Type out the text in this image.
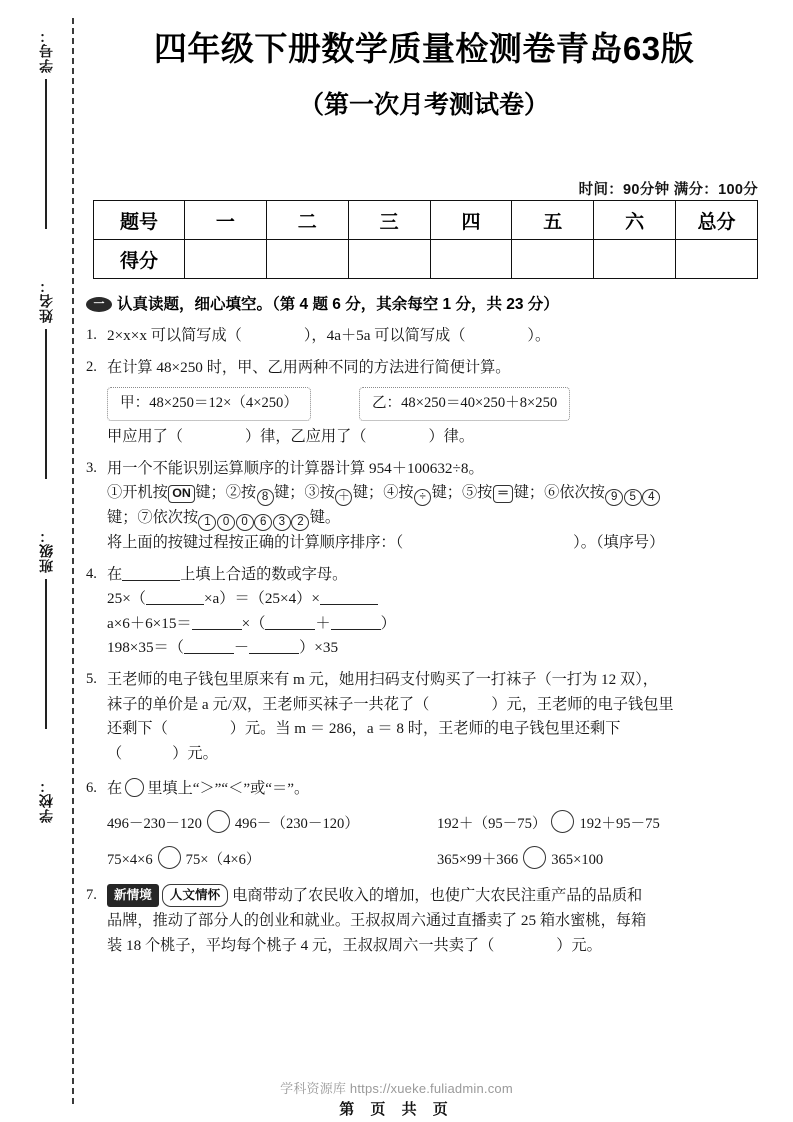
学号：
姓名：
班级：
学校：
四年级下册数学质量检测卷青岛63版
（第一次月考测试卷）
时间：90分钟 满分：100分
题号	一	二	三	四	五	六	总分
得分							
一 认真读题，细心填空。（第 4 题 6 分，其余每空 1 分，共 23 分）
1. 2×x×x 可以简写成（	），4a＋5a 可以简写成（	）。
2. 在计算 48×250 时，甲、乙用两种不同的方法进行简便计算。
甲：48×250＝12×（4×250）	乙：48×250＝40×250＋8×250
甲应用了（	）律，乙应用了（	）律。
3. 用一个不能识别运算顺序的计算器计算 954＋100632÷8。
①开机按 ON 键；②按 8 键；③按 ＋ 键；④按 ÷ 键；⑤按 ＝ 键；⑥依次按 9 5 4
键；⑦依次按 1 0 0 6 3 2 键。
将上面的按键过程按正确的计算顺序排序：（	）。（填序号）
4. 在	上填上合适的数或字母。
25×（	×a）＝（25×4）×
a×6＋6×15＝	×（	＋	）
198×35＝（	－	）×35
5. 王老师的电子钱包里原来有 m 元，她用扫码支付购买了一打袜子（一打为 12 双），
袜子的单价是 a 元/双，王老师买袜子一共花了（	）元，王老师的电子钱包里
还剩下（	）元。当 m ＝ 286，a ＝ 8 时，王老师的电子钱包里还剩下
（	）元。
6. 在 里填上“＞”“＜”或“＝”。
496－230－120 496－（230－120）	192＋（95－75） 192＋95－75
75×4×6 75×（4×6）	365×99＋366 365×100
7.	新情境 人文情怀 电商带动了农民收入的增加，也使广大农民注重产品的品质和
品牌，推动了部分人的创业和就业。王叔叔周六通过直播卖了 25 箱水蜜桃，每箱
装 18 个桃子，平均每个桃子 4 元，王叔叔周六一共卖了（	）元。
学科资源库 https://xueke.fuliadmin.com
第 页 共 页
